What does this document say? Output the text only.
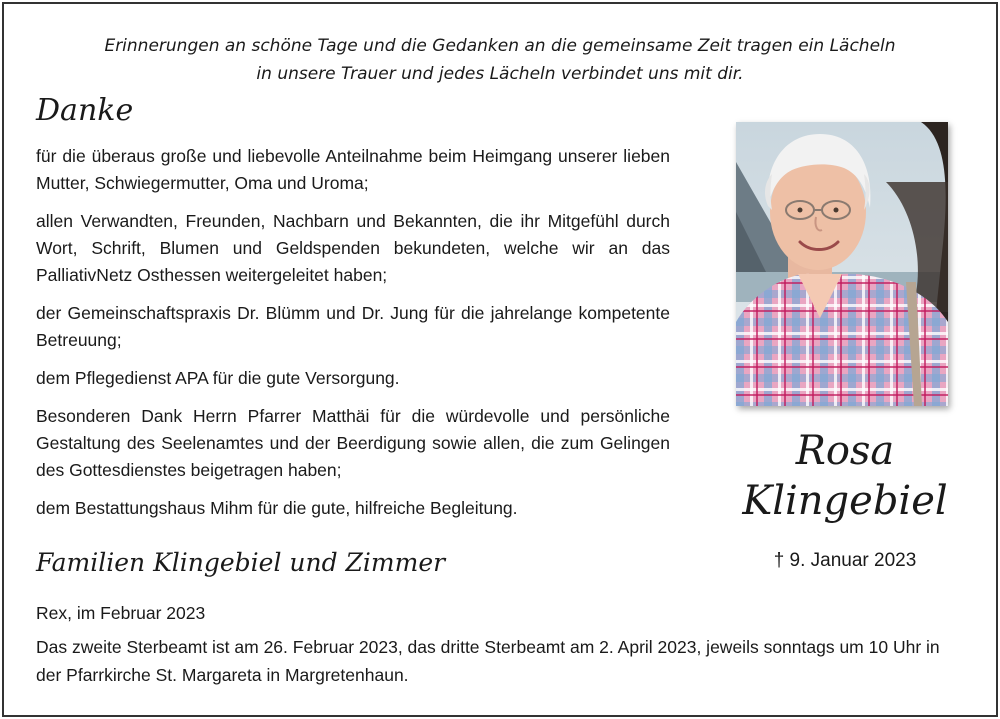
Erinnerungen an schöne Tage und die Gedanken an die gemeinsame Zeit tragen ein Lächeln
in unsere Trauer und jedes Lächeln verbindet uns mit dir.
Danke

für die überaus große und liebevolle Anteilnahme beim Heimgang unserer lieben Mutter, Schwiegermutter, Oma und Uroma;

allen Verwandten, Freunden, Nachbarn und Bekannten, die ihr Mitgefühl durch Wort, Schrift, Blumen und Geldspenden bekundeten, welche wir an das PalliativNetz Osthessen weitergeleitet haben;

der Gemeinschaftspraxis Dr. Blümm und Dr. Jung für die jahrelange kompetente Betreuung;

dem Pflegedienst APA für die gute Versorgung.

Besonderen Dank Herrn Pfarrer Matthäi für die würdevolle und persönliche Gestaltung des Seelenamtes und der Beerdigung sowie allen, die zum Gelingen des Gottesdienstes beigetragen haben;

dem Bestattungshaus Mihm für die gute, hilfreiche Begleitung.

Familien Klingebiel und Zimmer
Rex, im Februar 2023
Das zweite Sterbeamt ist am 26. Februar 2023, das dritte Sterbeamt am 2. April 2023, jeweils sonntags um 10 Uhr in der Pfarrkirche St. Margareta in Margretenhaun.
Rosa
Klingebiel
† 9. Januar 2023
